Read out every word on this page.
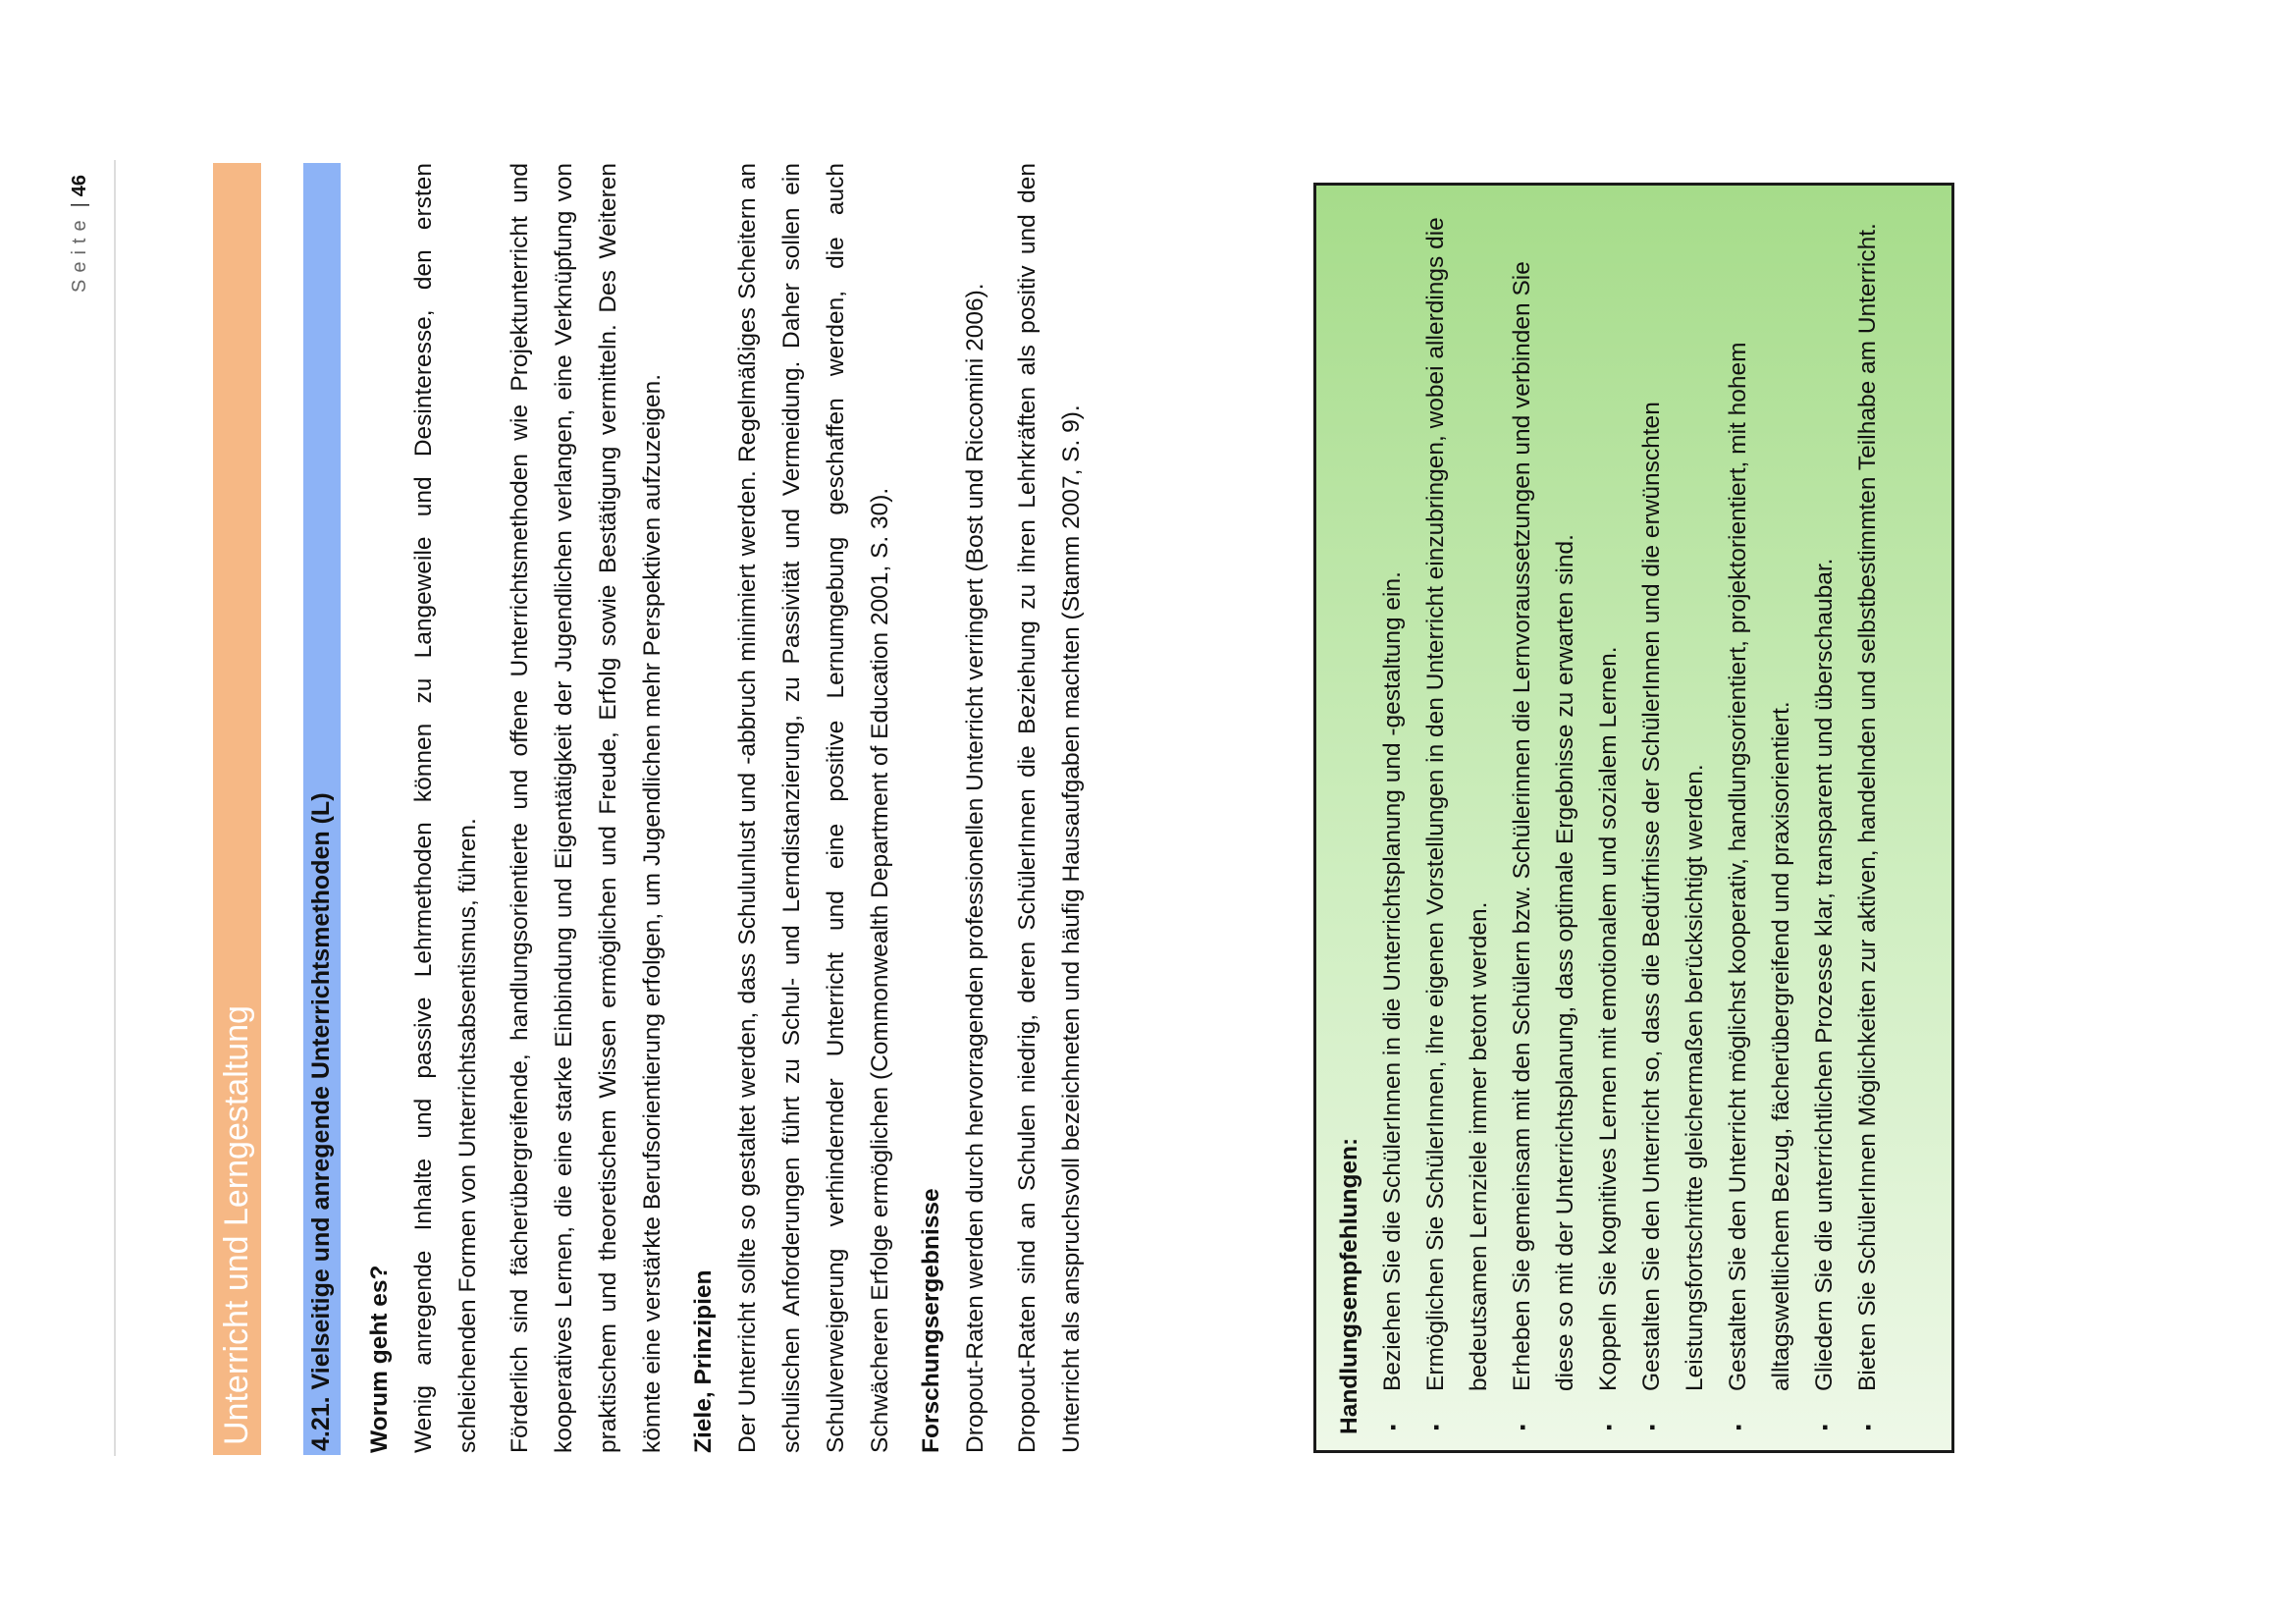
Seite|46
Unterricht und Lerngestaltung 4.21. Vielseitige und anregende Unterrichtsmethoden (L)	Worum geht es? Wenig anregende Inhalte und passive Lehrmethoden können zu Langeweile und Desinteresse, den ersten schleichenden Formen von Unterrichtsabsentismus, führen.	Förderlich sind fächerübergreifende, handlungsorientierte und offene Unterrichtsmethoden wie Projektunterricht und kooperatives Lernen, die eine starke Einbindung und Eigentätigkeit der Jugendlichen verlangen, eine Verknüpfung von praktischem und theoretischem Wissen ermöglichen und Freude, Erfolg sowie Bestätigung vermitteln. Des Weiteren könnte eine verstärkte Berufsorientierung erfolgen, um Jugendlichen mehr Perspektiven aufzuzeigen.	Ziele, Prinzipien Der Unterricht sollte so gestaltet werden, dass Schulunlust und -abbruch minimiert werden. Regelmäßiges Scheitern an schulischen Anforderungen führt zu Schul- und Lerndistanzierung, zu Passivität und Vermeidung. Daher sollen ein Schulverweigerung verhindernder Unterricht und eine positive Lernumgebung geschaffen werden, die auch Schwächeren Erfolge ermöglichen (Commonwealth Department of Education 2001, S. 30).	Forschungsergebnisse Dropout-Raten werden durch hervorragenden professionellen Unterricht verringert (Bost und Riccomini 2006).	Dropout-Raten sind an Schulen niedrig, deren SchülerInnen die Beziehung zu ihren Lehrkräften als positiv und den Unterricht als anspruchsvoll bezeichneten und häufig Hausaufgaben machten (Stamm 2007, S. 9).	Handlungsempfehlungen:	▪
Beziehen Sie die SchülerInnen in die Unterrichtsplanung und -gestaltung ein.
▪
Ermöglichen Sie SchülerInnen, ihre eigenen Vorstellungen in den Unterricht einzubringen, wobei allerdings die bedeutsamen Lernziele immer betont werden.
▪
Erheben Sie gemeinsam mit den Schülern bzw. Schülerinnen die Lernvoraussetzungen und verbinden Sie diese so mit der Unterrichtsplanung, dass optimale Ergebnisse zu erwarten sind.
▪
Koppeln Sie kognitives Lernen mit emotionalem und sozialem Lernen.
▪
Gestalten Sie den Unterricht so, dass die Bedürfnisse der SchülerInnen und die erwünschten Leistungsfortschritte gleichermaßen berücksichtigt werden.
▪
Gestalten Sie den Unterricht möglichst kooperativ, handlungsorientiert, projektorientiert, mit hohem alltagsweltlichem Bezug, fächerübergreifend und praxisorientiert.
▪
Gliedern Sie die unterrichtlichen Prozesse klar, transparent und überschaubar.
▪
Bieten Sie SchülerInnen Möglichkeiten zur aktiven, handelnden und selbstbestimmten Teilhabe am Unterricht.
